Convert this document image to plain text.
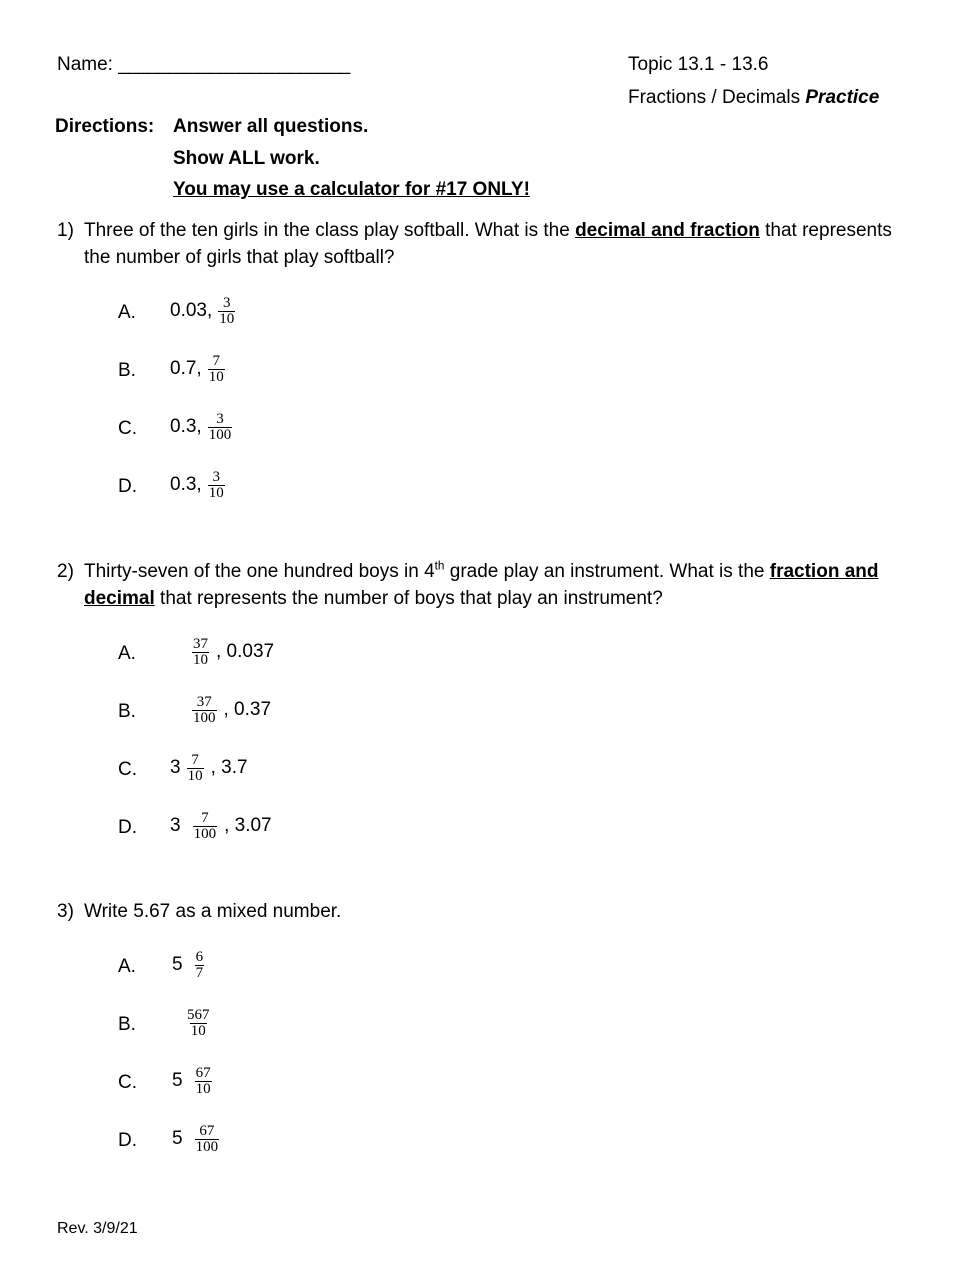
Name: _______________________	Topic 13.1 - 13.6
Fractions / Decimals Practice
Directions: Answer all questions.
Show ALL work.
You may use a calculator for #17 ONLY!
1) Three of the ten girls in the class play softball. What is the decimal and fraction that represents the number of girls that play softball?
A. 0.03, $\frac{3}{10}$
B. 0.7, $\frac{7}{10}$
C. 0.3, $\frac{3}{100}$
D. 0.3, $\frac{3}{10}$
2) Thirty-seven of the one hundred boys in 4th grade play an instrument. What is the fraction and decimal that represents the number of boys that play an instrument?
A.	$\frac{37}{10}$ , 0.037
B.	$\frac{37}{100}$ , 0.37
C. $3 \frac{7}{10}$ , 3.7
D. $3 \frac{7}{100}$ , 3.07
3) Write 5.67 as a mixed number.
A. $5 \frac{6}{7}$
B.	$\frac{567}{10}$
C. $5 \frac{67}{10}$
D. $5 \frac{67}{100}$
Rev. 3/9/21
